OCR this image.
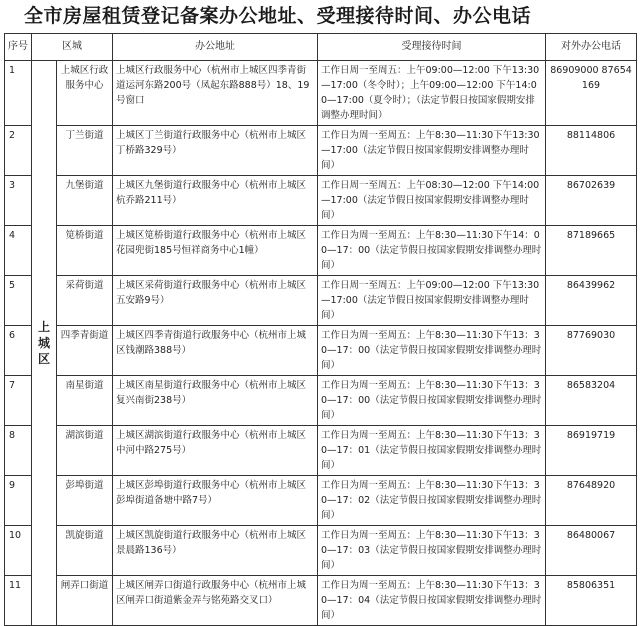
全市房屋租赁登记备案办公地址、受理接待时间、办公电话
序号	区城		办公地址	受理接待时间	对外办公电话
1	上城区	上城区行政服务中心	上城区行政服务中心（杭州市上城区四季青街道运河东路200号（凤起东路888号）18、19号窗口	工作日周一至周五：上午09:00—12:00 下午13:30—17:00（冬令时）；上午09:00—12:00 下午14:00—17:00（夏令时）；（法定节假日按国家假期安排调整办理时间）	86909000 87654169
2		丁兰街道	上城区丁兰街道行政服务中心（杭州市上城区丁桥路329号）	工作日为周一至周五：上午8:30—11:30下午13:30—17:00（法定节假日按国家假期安排调整办理时间）	88114806
3		九堡街道	上城区九堡街道行政服务中心（杭州市上城区杭乔路211号）	工作日周一至周五：上午08:30—12:00 下午14:00—17:00（法定节假日按国家假期安排调整办理时间）	86702639
4		笕桥街道	上城区笕桥街道行政服务中心（杭州市上城区花园兜街185号恒祥商务中心1幢）	工作日为周一至周五：上午8:30—11:30下午14：00—17：00（法定节假日按国家假期安排调整办理时间）	87189665
5		采荷街道	上城区采荷街道行政服务中心（杭州市上城区五安路9号）	工作日周一至周五：上午09:00—12:00 下午13:30—17:00（法定节假日按国家假期安排调整办理时间）	86439962
6		四季青街道	上城区四季青街道行政服务中心（杭州市上城区钱潮路388号）	工作日为周一至周五：上午8:30—11:30下午13：30—17：00（法定节假日按国家假期安排调整办理时间）	87769030
7		南星街道	上城区南星街道行政服务中心（杭州市上城区复兴南街238号）	工作日为周一至周五：上午8:30—11:30下午13：30—17：00（法定节假日按国家假期安排调整办理时间）	86583204
8		湖滨街道	上城区湖滨街道行政服务中心（杭州市上城区中河中路275号）	工作日为周一至周五：上午8:30—11:30下午13：30—17：01（法定节假日按国家假期安排调整办理时间）	86919719
9		彭埠街道	上城区彭埠街道行政服务中心（杭州市上城区彭埠街道备塘中路7号）	工作日为周一至周五：上午8:30—11:30下午13：30—17：02（法定节假日按国家假期安排调整办理时间）	87648920
10		凯旋街道	上城区凯旋街道行政服务中心（杭州市上城区景晨路136号）	工作日为周一至周五：上午8:30—11:30下午13：30—17：03（法定节假日按国家假期安排调整办理时间）	86480067
11		闸弄口街道	上城区闸弄口街道行政服务中心（杭州市上城区闸弄口街道紫金弄与铭苑路交叉口）	工作日为周一至周五：上午8:30—11:30下午13：30—17：04（法定节假日按国家假期安排调整办理时间）	85806351
